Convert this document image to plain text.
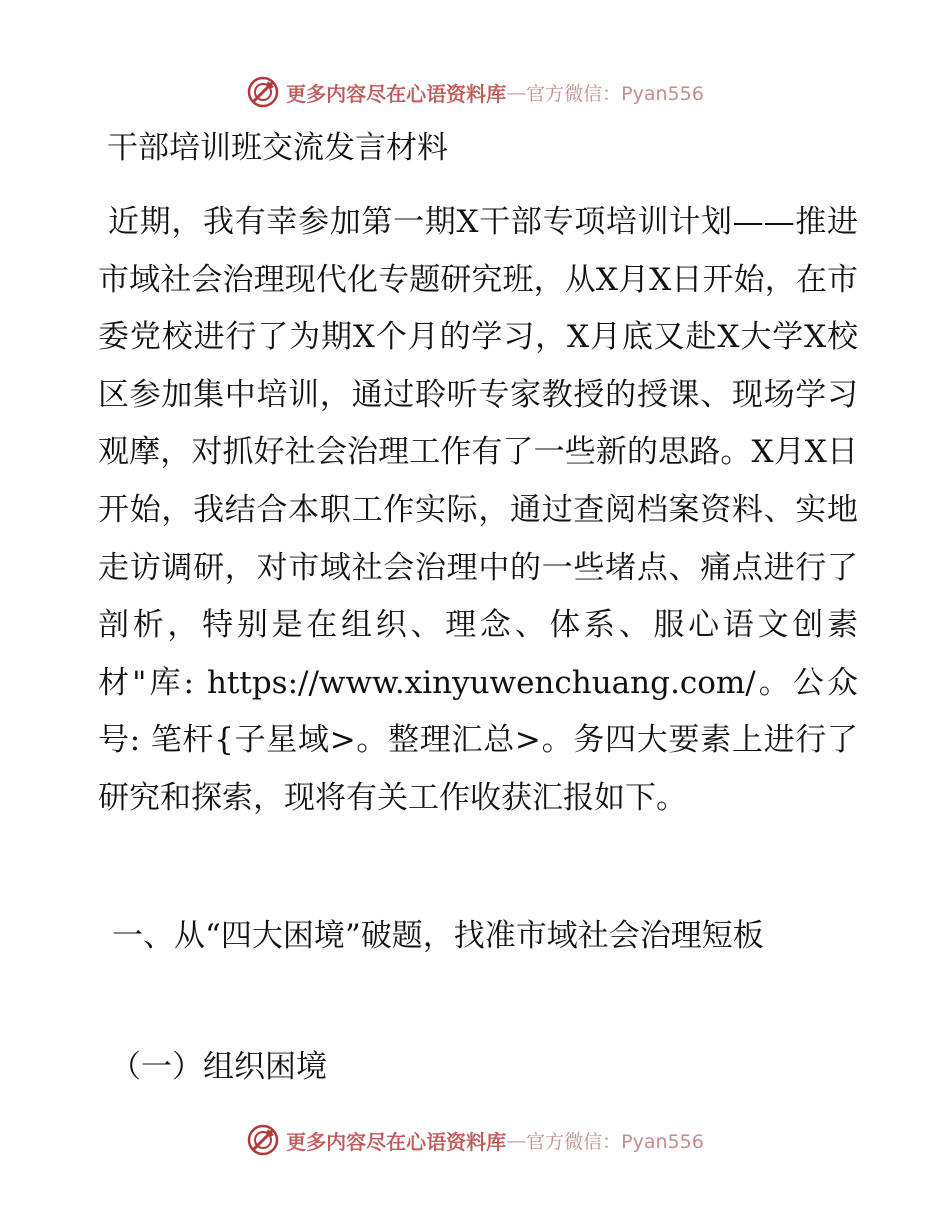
更多内容尽在心语资料库 — 官方微信：Pyan556
干部培训班交流发言材料
近期，我有幸参加第一期X干部专项培训计划——推进市域社会治理现代化专题研究班，从X月X日开始，在市委党校进行了为期X个月的学习，X月底又赴X大学X校区参加集中培训，通过聆听专家教授的授课、现场学习观摩，对抓好社会治理工作有了一些新的思路。X月X日开始，我结合本职工作实际，通过查阅档案资料、实地走访调研，对市域社会治理中的一些堵点、痛点进行了剖析，特别是在组织、理念、体系、服心语文创素材"库: https://www.xinyuwenchuang.com/。公众号: 笔杆{子星域>。整理汇总>。务四大要素上进行了研究和探索，现将有关工作收获汇报如下。
一、从“四大困境”破题，找准市域社会治理短板
（一）组织困境
更多内容尽在心语资料库 — 官方微信：Pyan556
